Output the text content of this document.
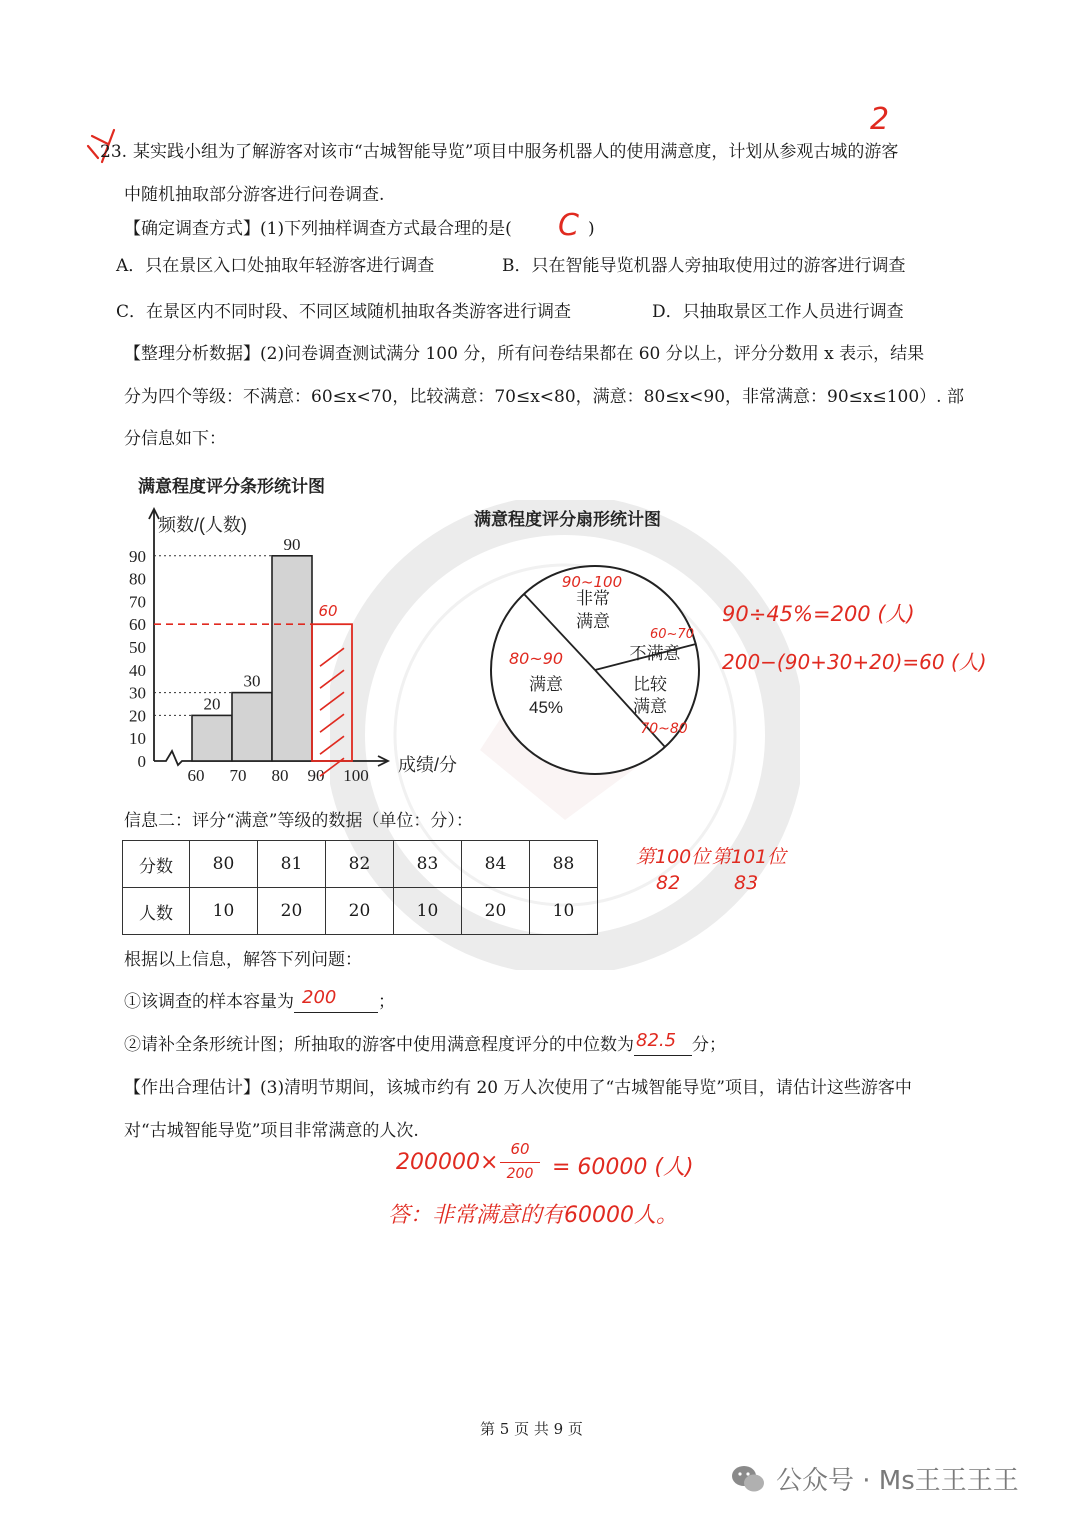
23. 某实践小组为了解游客对该市“古城智能导览”项目中服务机器人的使用满意度，计划从参观古城的游客
2
中随机抽取部分游客进行问卷调查.
【确定调查方式】(1)下列抽样调查方式最合理的是( C )
A．只在景区入口处抽取年轻游客进行调查	B．只在智能导览机器人旁抽取使用过的游客进行调查
C．在景区内不同时段、不同区域随机抽取各类游客进行调查	D．只抽取景区工作人员进行调查
【整理分析数据】(2)问卷调查测试满分 100 分，所有问卷结果都在 60 分以上，评分分数用 x 表示，结果
分为四个等级：不满意：60≤x<70，比较满意：70≤x<80，满意：80≤x<90，非常满意：90≤x≤100）. 部
分信息如下：
满意程度评分条形统计图
0
10
20
30
40
50
60
70
80
90
60 70 80 90 100
20
30
90
60
频数/(人数)
成绩/分
满意程度评分扇形统计图
非常
满意
不满意
比较
满意
满意
45%
90~100
60~70
80~90
70~80
90÷45%=200 (人)
200−(90+30+20)=60 (人)
信息二：评分“满意”等级的数据（单位：分）：
分数	80	81	82	83	84	88
人数	10	20	20	10	20	10
第100位
82
第101位
83
根据以上信息，解答下列问题：
①该调查的样本容量为 200 ；
②请补全条形统计图；所抽取的游客中使用满意程度评分的中位数为 82.5 分；
【作出合理估计】(3)清明节期间，该城市约有 20 万人次使用了“古城智能导览”项目，请估计这些游客中
对“古城智能导览”项目非常满意的人次.
200000×
60
200 = 60000 (人)
答：非常满意的有60000人。
第 5 页 共 9 页
公众号 · Ms王王王王
